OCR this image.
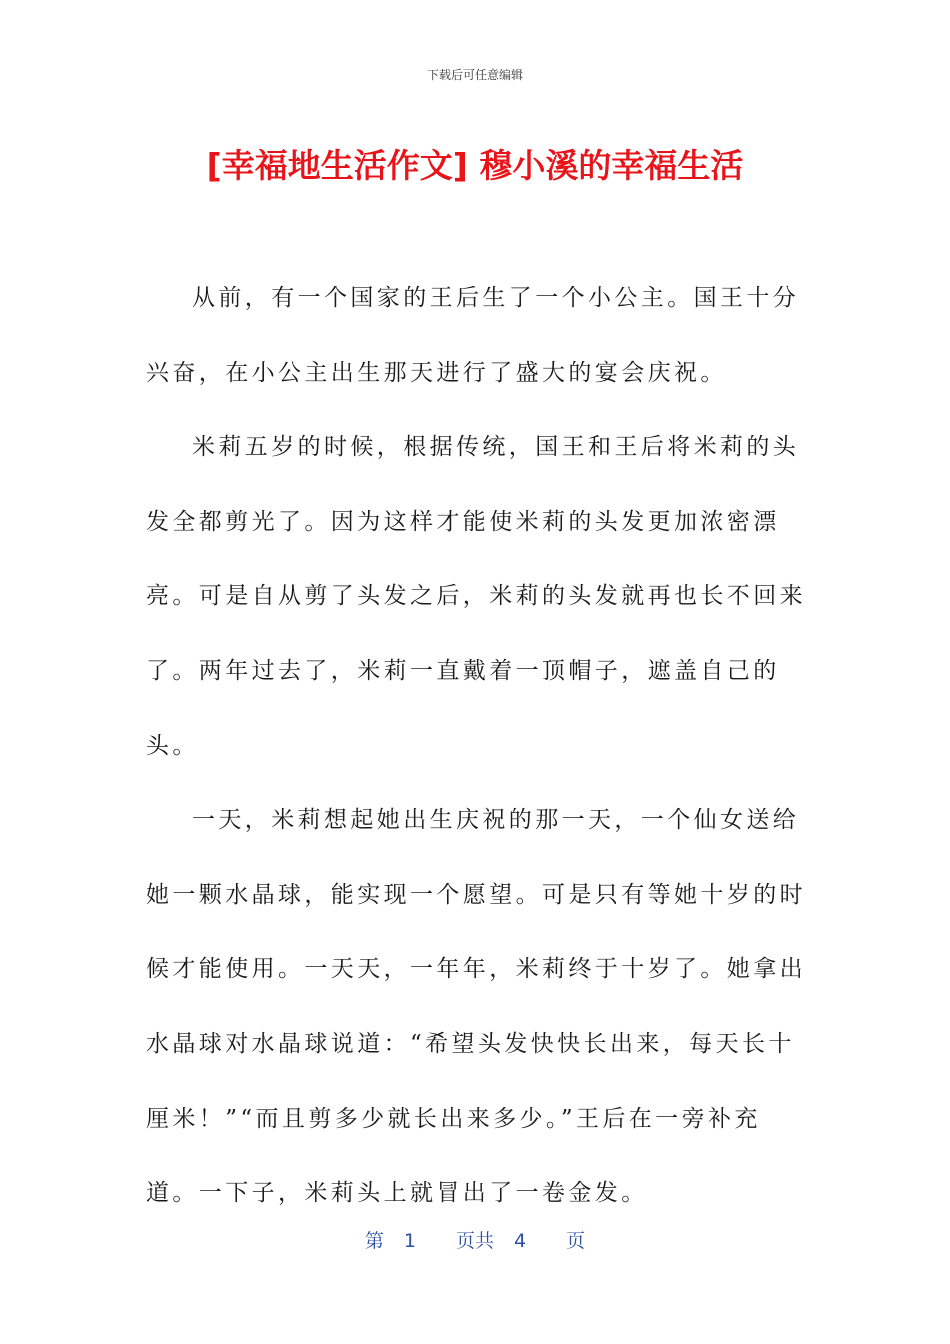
下载后可任意编辑
[幸福地生活作文] 穆小溪的幸福生活

从前，有一个国家的王后生了一个小公主。国王十分兴奋，在小公主出生那天进行了盛大的宴会庆祝。

米莉五岁的时候，根据传统，国王和王后将米莉的头发全都剪光了。因为这样才能使米莉的头发更加浓密漂亮。可是自从剪了头发之后，米莉的头发就再也长不回来了。两年过去了，米莉一直戴着一顶帽子，遮盖自己的头。

一天，米莉想起她出生庆祝的那一天，一个仙女送给她一颗水晶球，能实现一个愿望。可是只有等她十岁的时候才能使用。一天天，一年年，米莉终于十岁了。她拿出水晶球对水晶球说道：“希望头发快快长出来，每天长十厘米！”“而且剪多少就长出来多少。”王后在一旁补充道。一下子，米莉头上就冒出了一卷金发。

第 1 页共 4 页
